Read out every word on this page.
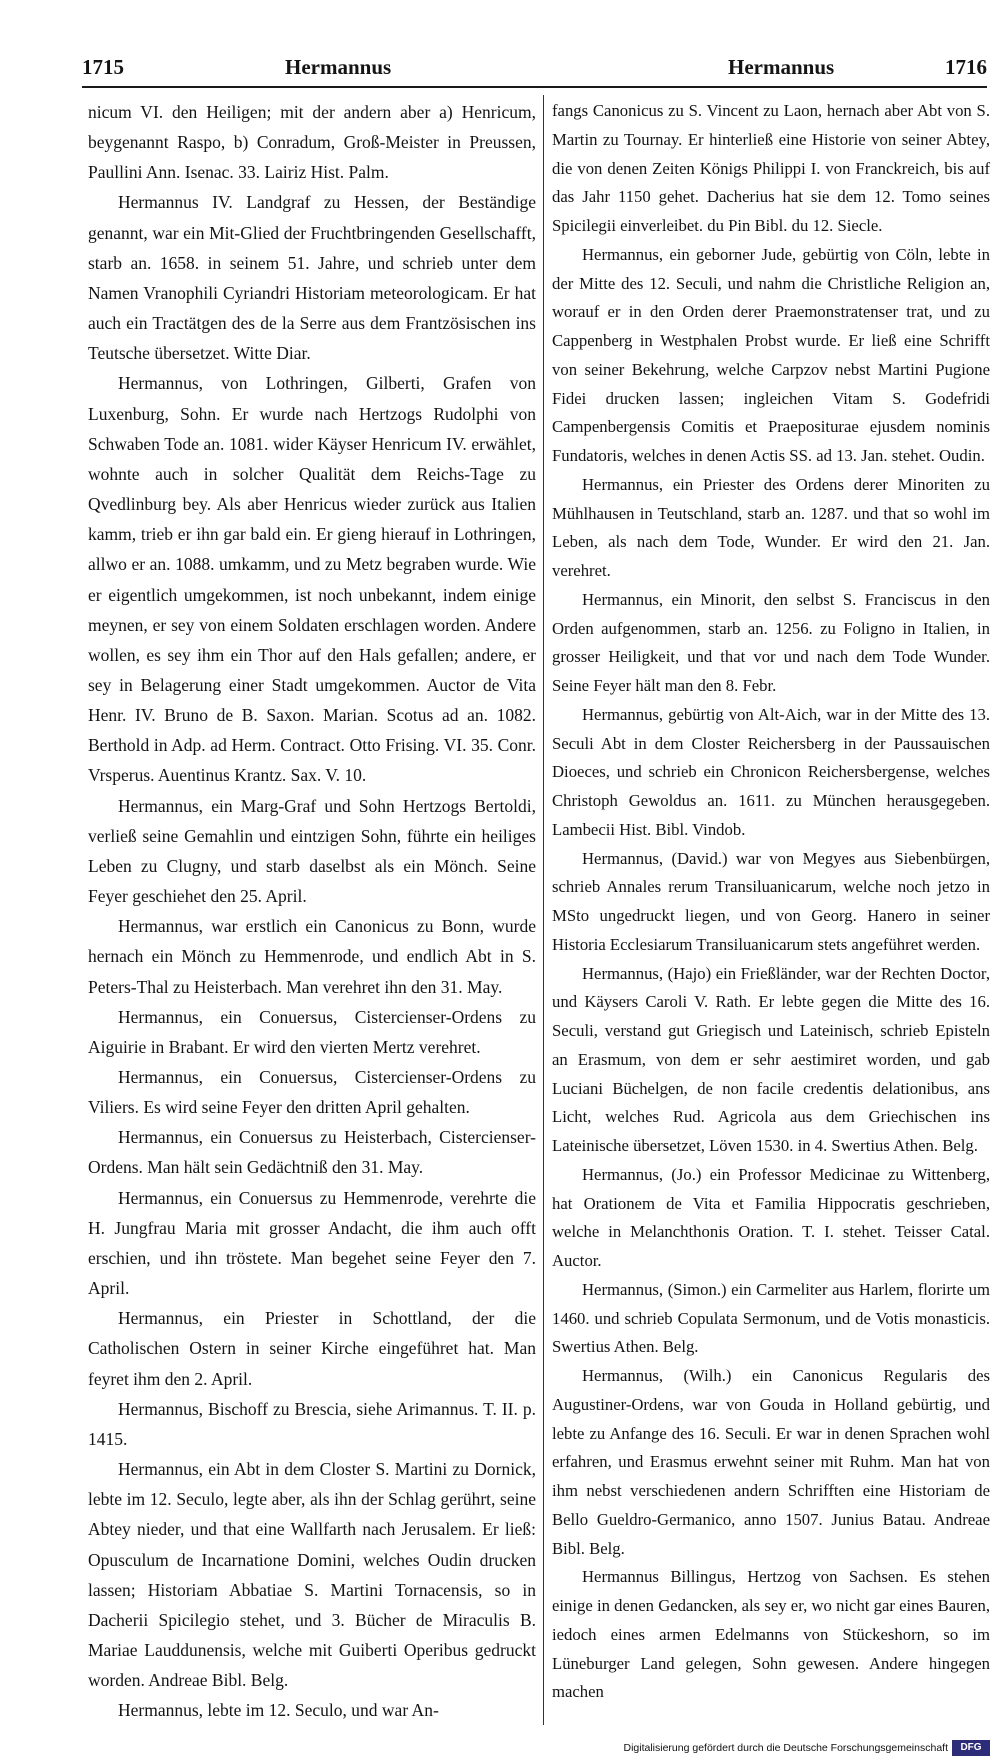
1715	Hermannus	Hermannus	1716

nicum VI. den Heiligen; mit der andern aber a) Henricum, beygenannt Raspo, b) Conradum, Groß-Meister in Preussen, Paullini Ann. Isenac. 33. Lairiz Hist. Palm.

Hermannus IV. Landgraf zu Hessen, der Beständige genannt, war ein Mit-Glied der Fruchtbringenden Gesellschafft, starb an. 1658. in seinem 51. Jahre, und schrieb unter dem Namen Vranophili Cyriandri Historiam meteorologicam. Er hat auch ein Tractätgen des de la Serre aus dem Frantzösischen ins Teutsche übersetzet. Witte Diar.

Hermannus, von Lothringen, Gilberti, Grafen von Luxenburg, Sohn. Er wurde nach Hertzogs Rudolphi von Schwaben Tode an. 1081. wider Käyser Henricum IV. erwählet, wohnte auch in solcher Qualität dem Reichs-Tage zu Qvedlinburg bey. Als aber Henricus wieder zurück aus Italien kamm, trieb er ihn gar bald ein. Er gieng hierauf in Lothringen, allwo er an. 1088. umkamm, und zu Metz begraben wurde. Wie er eigentlich umgekommen, ist noch unbekannt, indem einige meynen, er sey von einem Soldaten erschlagen worden. Andere wollen, es sey ihm ein Thor auf den Hals gefallen; andere, er sey in Belagerung einer Stadt umgekommen. Auctor de Vita Henr. IV. Bruno de B. Saxon. Marian. Scotus ad an. 1082. Berthold in Adp. ad Herm. Contract. Otto Frising. VI. 35. Conr. Vrsperus. Auentinus Krantz. Sax. V. 10.

Hermannus, ein Marg-Graf und Sohn Hertzogs Bertoldi, verließ seine Gemahlin und eintzigen Sohn, führte ein heiliges Leben zu Clugny, und starb daselbst als ein Mönch. Seine Feyer geschiehet den 25. April.

Hermannus, war erstlich ein Canonicus zu Bonn, wurde hernach ein Mönch zu Hemmenrode, und endlich Abt in S. Peters-Thal zu Heisterbach. Man verehret ihn den 31. May.

Hermannus, ein Conuersus, Cistercienser-Ordens zu Aiguirie in Brabant. Er wird den vierten Mertz verehret.

Hermannus, ein Conuersus, Cistercienser-Ordens zu Viliers. Es wird seine Feyer den dritten April gehalten.

Hermannus, ein Conuersus zu Heisterbach, Cistercienser-Ordens. Man hält sein Gedächtniß den 31. May.

Hermannus, ein Conuersus zu Hemmenrode, verehrte die H. Jungfrau Maria mit grosser Andacht, die ihm auch offt erschien, und ihn tröstete. Man begehet seine Feyer den 7. April.

Hermannus, ein Priester in Schottland, der die Catholischen Ostern in seiner Kirche eingeführet hat. Man feyret ihm den 2. April.

Hermannus, Bischoff zu Brescia, siehe Arimannus. T. II. p. 1415.

Hermannus, ein Abt in dem Closter S. Martini zu Dornick, lebte im 12. Seculo, legte aber, als ihn der Schlag gerührt, seine Abtey nieder, und that eine Wallfarth nach Jerusalem. Er ließ: Opusculum de Incarnatione Domini, welches Oudin drucken lassen; Historiam Abbatiae S. Martini Tornacensis, so in Dacherii Spicilegio stehet, und 3. Bücher de Miraculis B. Mariae Lauddunensis, welche mit Guiberti Operibus gedruckt worden. Andreae Bibl. Belg.

Hermannus, lebte im 12. Seculo, und war An-

fangs Canonicus zu S. Vincent zu Laon, hernach aber Abt von S. Martin zu Tournay. Er hinterließ eine Historie von seiner Abtey, die von denen Zeiten Königs Philippi I. von Franckreich, bis auf das Jahr 1150 gehet. Dacherius hat sie dem 12. Tomo seines Spicilegii einverleibet. du Pin Bibl. du 12. Siecle.

Hermannus, ein geborner Jude, gebürtig von Cöln, lebte in der Mitte des 12. Seculi, und nahm die Christliche Religion an, worauf er in den Orden derer Praemonstratenser trat, und zu Cappenberg in Westphalen Probst wurde. Er ließ eine Schrifft von seiner Bekehrung, welche Carpzov nebst Martini Pugione Fidei drucken lassen; ingleichen Vitam S. Godefridi Campenbergensis Comitis et Praepositurae ejusdem nominis Fundatoris, welches in denen Actis SS. ad 13. Jan. stehet. Oudin.

Hermannus, ein Priester des Ordens derer Minoriten zu Mühlhausen in Teutschland, starb an. 1287. und that so wohl im Leben, als nach dem Tode, Wunder. Er wird den 21. Jan. verehret.

Hermannus, ein Minorit, den selbst S. Franciscus in den Orden aufgenommen, starb an. 1256. zu Foligno in Italien, in grosser Heiligkeit, und that vor und nach dem Tode Wunder. Seine Feyer hält man den 8. Febr.

Hermannus, gebürtig von Alt-Aich, war in der Mitte des 13. Seculi Abt in dem Closter Reichersberg in der Paussauischen Dioeces, und schrieb ein Chronicon Reichersbergense, welches Christoph Gewoldus an. 1611. zu München herausgegeben. Lambecii Hist. Bibl. Vindob.

Hermannus, (David.) war von Megyes aus Siebenbürgen, schrieb Annales rerum Transiluanicarum, welche noch jetzo in MSto ungedruckt liegen, und von Georg. Hanero in seiner Historia Ecclesiarum Transiluanicarum stets angeführet werden.

Hermannus, (Hajo) ein Frießländer, war der Rechten Doctor, und Käysers Caroli V. Rath. Er lebte gegen die Mitte des 16. Seculi, verstand gut Griegisch und Lateinisch, schrieb Episteln an Erasmum, von dem er sehr aestimiret worden, und gab Luciani Büchelgen, de non facile credentis delationibus, ans Licht, welches Rud. Agricola aus dem Griechischen ins Lateinische übersetzet, Löven 1530. in 4. Swertius Athen. Belg.

Hermannus, (Jo.) ein Professor Medicinae zu Wittenberg, hat Orationem de Vita et Familia Hippocratis geschrieben, welche in Melanchthonis Oration. T. I. stehet. Teisser Catal. Auctor.

Hermannus, (Simon.) ein Carmeliter aus Harlem, florirte um 1460. und schrieb Copulata Sermonum, und de Votis monasticis. Swertius Athen. Belg.

Hermannus, (Wilh.) ein Canonicus Regularis des Augustiner-Ordens, war von Gouda in Holland gebürtig, und lebte zu Anfange des 16. Seculi. Er war in denen Sprachen wohl erfahren, und Erasmus erwehnt seiner mit Ruhm. Man hat von ihm nebst verschiedenen andern Schrifften eine Historiam de Bello Gueldro-Germanico, anno 1507. Junius Batau. Andreae Bibl. Belg.

Hermannus Billingus, Hertzog von Sachsen. Es stehen einige in denen Gedancken, als sey er, wo nicht gar eines Bauren, iedoch eines armen Edelmanns von Stückeshorn, so im Lüneburger Land gelegen, Sohn gewesen. Andere hingegen machen

Digitalisierung gefördert durch die Deutsche Forschungsgemeinschaft	DFG
